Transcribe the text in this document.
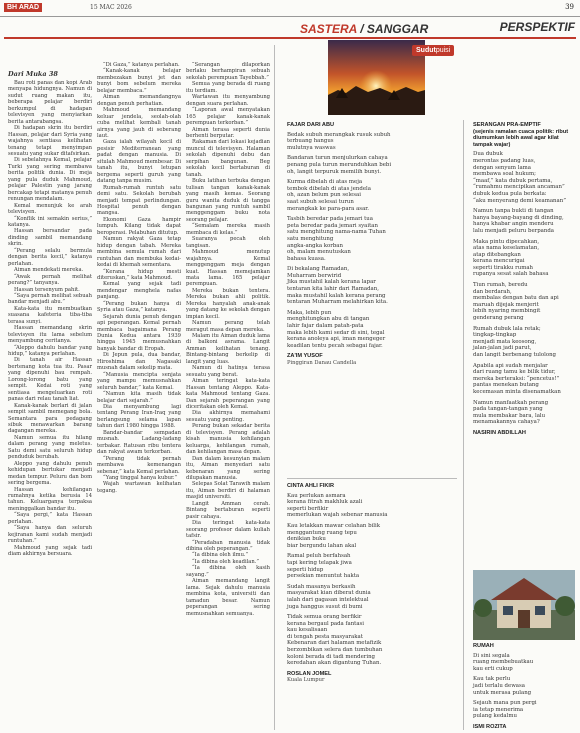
BH ARAD	15 MAC 2026	39
SASTERA / SANGGAR	PERSPEKTIF
Dari Muka 38

Bau roti panas dan kopi Arab menyapa hidungnya. Namun di sudut ruang makan itu, beberapa pelajar berdiri berkumpul di hadapan televisyen yang menyiarkan berita antarabangsa.

Di hadapan skrin itu berdiri Hassan, pelajar dari Syria yang wajahnya sentiasa kelihatan tenang tetapi menyimpan sesuatu yang sukar ditafsirkan.

Di sebelahnya Kemal, pelajar Turki yang sering membawa berita politik dunia. Di meja yang pula duduk Mahmoud, pelajar Palestin yang jarang bercakap tetapi matanya penuh renungan mendalam.

Kemal menunjuk ke arah televisyen.

“Konflik ini semakin serius,” katanya.

Hassan bersandar pada dinding sambil memandang skrin.

“Perang selalu bermula dengan berita kecil,” katanya perlahan.

Aiman mendekati mereka.

“Awak pernah melihat perang?” tanyanya.

Hassan tersenyum pahit.

“Saya pernah melihat sebuah bandar menjadi abu.”

Kata-kata itu membuatkan suasana kafeteria tiba-tiba terasa sunyi.

Hassan memandang skrin televisyen itu lama sebelum menyambung ceritanya.

“Aleppo dahulu bandar yang hidup,” katanya perlahan.

Di tanah air Hassan bertenang kota tua itu. Pasar yang dipenuhi bau rempah. Lorong-lorong batu yang sempit. Kedai roti yang sentiasa mengeluarkan roti panas dari relau tanah liat.

Kanak-kanak berlari di jalan sempit sambil memegang bola. Semantara para pedagang sibuk menawarkan barang dagangan mereka.

Namun semua itu hilang dalam perang yang meletus. Satu demi satu seluruh hidup penduduk berubah.

Aleppo yang dahulu penuh kehidupan bertukar menjadi medan tempur. Peluru dan bom sering bergema.

Hassan kehilangan rumahnya ketika berusia 14 tahun. Keluarganya terpaksa meninggalkan bandar itu.

“Saya pergi,” kata Hassan perlahan.

“Saya hanya dan seluruh kejiranan kami sudah menjadi runtuhan.”

Mahmoud yang sejak tadi diam akhirnya bersuara.

“Di Gaza,” katanya perlahan.

“Kanak-kanak belajar membezakan bunyi jet dan bunyi bom sebelum mereka belajar membaca.”

Aiman memandangnya dengan penuh perhatian.

Mahmoud memandang keluar jendela, seolah-olah cuba melihat kembali tanah airnya yang jauh di seberang laut.

Gaza ialah wilayah kecil di pesisir Mediterranean yang padat dengan manusia. Di situlah Mahmoud membesar. Di tanah itu, bunyi letupan bergema seperti guruh yang datang tanpa musim.

Rumah-rumah runtuh satu demi satu. Sekolah berubah menjadi tempat perlindungan. Hospital penuh dengan mangsa.

Ekonomi Gaza hampir lumpuh. Kilang tidak dapat beroperasi. Pelabuhan ditutup.

Namun rakyat Gaza tetap hidup dengan tabah. Mereka membina semula rumah dari runtuhan dan membuka kedai-kedai di khemah sementara.

“Kerana hidup mesti diteruskan,” kata Mahmoud.

Kemal yang sejak tadi mendengar menghela nafas panjang.

“Perang bukan hanya di Syria atau Gaza,” katanya.

Sejarah dunia penuh dengan api peperangan. Kemal pernah membaca bagaimana Perang Dunia Kedua antara 1939 hingga 1945 memusnahkan banyak bandar di Eropah.

Di Jepun pula, dua bandar, Hiroshima dan Nagasaki musnah dalam sekelip mata.

“Manusia mencipta senjata yang mampu memusnahkan seluruh bandar,” kata Kemal.

“Namun kita masih tidak belajar dari sejarah.”

Dia menyambung lagi tentang Perang Iran-Iraq yang berlangsung selama lapan tahun dari 1980 hingga 1988.

Bandar-bandar sempadan musnah. Ladang-ladang terbakar. Ratusan ribu tentera dan rakyat awam terkorban.

“Perang tidak pernah membawa kemenangan sebenar,” kata Kemal perlahan.

“Yang tinggal hanya kubur.”

Wajah wartawan kelihatan tegang.

“Serangan dilaporkan berlaku berhampiran sebuah sekolah perempuan Tayebbah.”

Semua yang berada di ruang itu terdiam.

Wartawan itu menyambung dengan suara perlahan.

“Laporan awal menyatakan 165 pelajar kanak-kanak perempuan terkorban.”

Aiman terasa seperti dunia berhenti berputar.

Rakaman dari lokasi kejadian muncul di televisyen. Halaman sekolah dipenuhi debu dan serpihan bangunan. Beg sekolah kecil bertaburan di tanah.

Buku latihan terbuka dengan tulisan tangan kanak-kanak yang masih kemas. Seorang guru wanita duduk di tangga bangunan yang runtuh sambil menggenggam buku nota seorang pelajar.

“Semalam mereka masih membaca di kelas.”

Suaranya pecah oleh tangisan.

Mahmoud menutup wajahnya. Kemal menggenggam meja dengan kuat. Hassan memejamkan mata lama. 165 pelajar perempuan.

Mereka bukan tentera. Mereka bukan ahli politik. Mereka hanyalah anak-anak yang datang ke sekolah dengan impian kecil.

Namun perang telah meragut masa depan mereka.

Malam itu Aiman duduk lama di balkoni asrama. Langit Amman kelihatan tenang. Bintang-bintang berkelip di langit yang luas.

Namun di hatinya terasa sesuatu yang berat.

Aiman teringat kata-kata Hassan tentang Aleppo. Kata-kata Mahmoud tentang Gaza. Dan sejarah peperangan yang diceritakan oleh Kemal.

Dia akhirnya memahami sesuatu yang penting.

Perang bukan sekadar berita di televisyen. Perang adalah kisah manusia kehilangan keluarga, kehilangan rumah, dan kehilangan masa depan.

Dan dalam kesunyian malam itu, Aiman menyedari satu kebenaran yang sering dilupakan manusia.

Selepas Solat Tarawih malam itu, Aiman berdiri di halaman masjid universiti.

Langit Amman cerah. Bintang bertaburan seperti pasir cahaya.

Dia teringat kata-kata seorang profesor dalam kuliah tafsir.

“Peradaban manusia tidak dibina oleh peperangan.”

“Ia dibina oleh ilmu.”

“Ia dibina oleh keadilan.”

“Ia dibina oleh kasih sayang.”

Aiman memandang langit lama. Sejak dahulu manusia membina kota, universiti dan tamadun besar. Namun peperangan sering memusnahkan semuanya.

Sudutpuisi
FAJAR DARI ABU
Bedak subuh merangkak rusuk subuh
terbuang hangus
mulutnya waswas
Bandaran turun menjulurkan cahaya
penang pula turun merunduhkan bebi
oh, langit terpuruk memilih bunyi.
Kurma dibelah di atas meja
tembok dibelah di atas jendela
oh, azan belum pun selesai
saat subuh selesai turun
merangkak ke para-para asar.
Tasbih beredar pada jemari tua
peta beredar pada jemari syaitan
satu menghitung nama-nama Tuhan
satu menghitung
angka-angka korban
oh, malam menutuskan
bahasa kuasa.
Di bekalang Ramadan,
Muharram berwirid
Jika mustahil kalah kerana lapar
tentaran kita lahir dari Ramadan,
maka mustahil kalah kerana perang
tentaran Muharram melahirkan kita.
Maka, lebih pun
menghitungkan abu di tangan
lahir fajar dalam patah-pata
maka lebih kami sedar di sini, tegal
kerana anoleya api, iman mengeger
keadilan tentu pecah sebagai fajar.
ZA'IM YUSOF
Pinggiran Danau Candella
CINTA AHLI FIKIR
Kau perlukan asmara
kerana fitrah makhluk azali
seperti berfikir
memerlukan wajah sebenar manusia
Kau letakkan mawar celahan bilik
menggantung ruang tepu
denikian buku
biar bergundu lahan akal
Ramal peluh berfahsah
tapi kering telapak jiwa
seperti hidup
persekian menuntut hakta
Sudah masanya berkasih
masyarakat kian diberat dunia
ialah dari gagasan intelektual
juga hanggus susut di bumi
Tidak semua orang berfikir
kerana bergaul pada fantasi
kau kesalisaan
di tengah pesta masyarakat
Kebenaran dari halaman metafizik
berzombikan selera dan tumbuhan
koloni berada di tadi mendering
keredahan akan digantung Tuhan.
ROSLAN JOMEL
Kuala Lumpur
SERANGAN PRA-EMPTIF
(sejenis ramalan cuaca politik: ribut diumumkan lebih awal agar kilat tampak wajar)
Dua dubuk
merontas padang luas,
dengan senyum lama
membawa soal hukum;
“maaf,” kata dubuk pertama,
“rumahmu mencipikan ancaman”
dubuk kedua pula berkata:
“aku menyerang demi keamanan”
Namun tanpa bukti di tangan
hanya bayang-bayang di dinding,
hanya khabar angin menderu
lalu menjadi peluru berpanda
Maka pintu dipecahkan,
atas nama keselamatan,
atap ditebangkan
kerana mencurigai
seperti tirakku rumah
rupanya sesat salah bahasa
Tiun rumah, beredu
dan berdarah,
membalas dengan batu dan api
maruah dijejak menjerit
lebih nyaring membingit
genderang perang
Rumah dubuk lala retak;
tingkap-tingkap
menjadi mata keosong,
jalan-jalan jadi parut,
dan langit berbenang tulolong
Apabila api sudah menjalar
dari ruang tamu ke bilik tidur,
mereka berteraksi: “pencetus!”
pantas menekan butang
kecemasan minta disenamatkan
Namun manfaatkah perang
pada tangan-tangan yang
mula membakar bara, lalu
menamakannya cahaya?
NASIRIN ABDILLAH
RUMAH
Di sini segala
ruang membebuatkau
kau erti cukup
Kau tak perlu
jadi terlalu dewasa
untuk merasa pulang
Sejauh mana pun pergi
ia tetap menerima
pulang kedalmu
ISMI ROZITA
